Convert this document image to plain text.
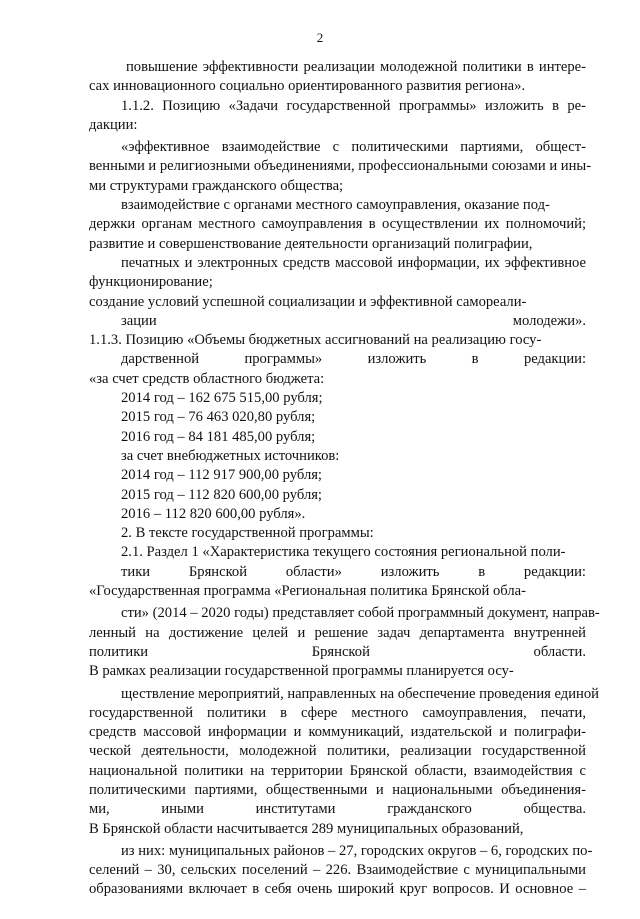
2
повышение эффективности реализации молодежной политики в интере-
сах инновационного социально ориентированного развития региона».
1.1.2. Позицию «Задачи государственной программы» изложить в ре-
дакции:
«эффективное взаимодействие с политическими партиями, общест-
венными и религиозными объединениями, профессиональными союзами и ины-
ми структурами гражданского общества;
взаимодействие с органами местного самоуправления, оказание под-
держки органам местного самоуправления в осуществлении их полномочий;
развитие и совершенствование деятельности организаций полиграфии,
печатных и электронных средств массовой информации, их эффективное
функционирование;
создание условий успешной социализации и эффективной самореали-
зации молодежи».
1.1.3. Позицию «Объемы бюджетных ассигнований на реализацию госу-
дарственной программы» изложить в редакции:
«за счет средств областного бюджета:
2014 год – 162 675 515,00 рубля;
2015 год – 76 463 020,80 рубля;
2016 год – 84 181 485,00 рубля;
за счет внебюджетных источников:
2014 год – 112 917 900,00 рубля;
2015 год – 112 820 600,00 рубля;
2016 – 112 820 600,00 рубля».
2. В тексте государственной программы:
2.1. Раздел 1 «Характеристика текущего состояния региональной поли-
тики Брянской области» изложить в редакции:
«Государственная программа «Региональная политика Брянской обла-
сти» (2014 – 2020 годы) представляет собой программный документ, направ-
ленный на достижение целей и решение задач департамента внутренней
политики Брянской области.
В рамках реализации государственной программы планируется осу-
ществление мероприятий, направленных на обеспечение проведения единой
государственной политики в сфере местного самоуправления, печати,
средств массовой информации и коммуникаций, издательской и полиграфи-
ческой деятельности, молодежной политики, реализации государственной
национальной политики на территории Брянской области, взаимодействия с
политическими партиями, общественными и национальными объединения-
ми, иными институтами гражданского общества.
В Брянской области насчитывается 289 муниципальных образований,
из них: муниципальных районов – 27, городских округов – 6, городских по-
селений – 30, сельских поселений – 226. Взаимодействие с муниципальными
образованиями включает в себя очень широкий круг вопросов. И основное –
